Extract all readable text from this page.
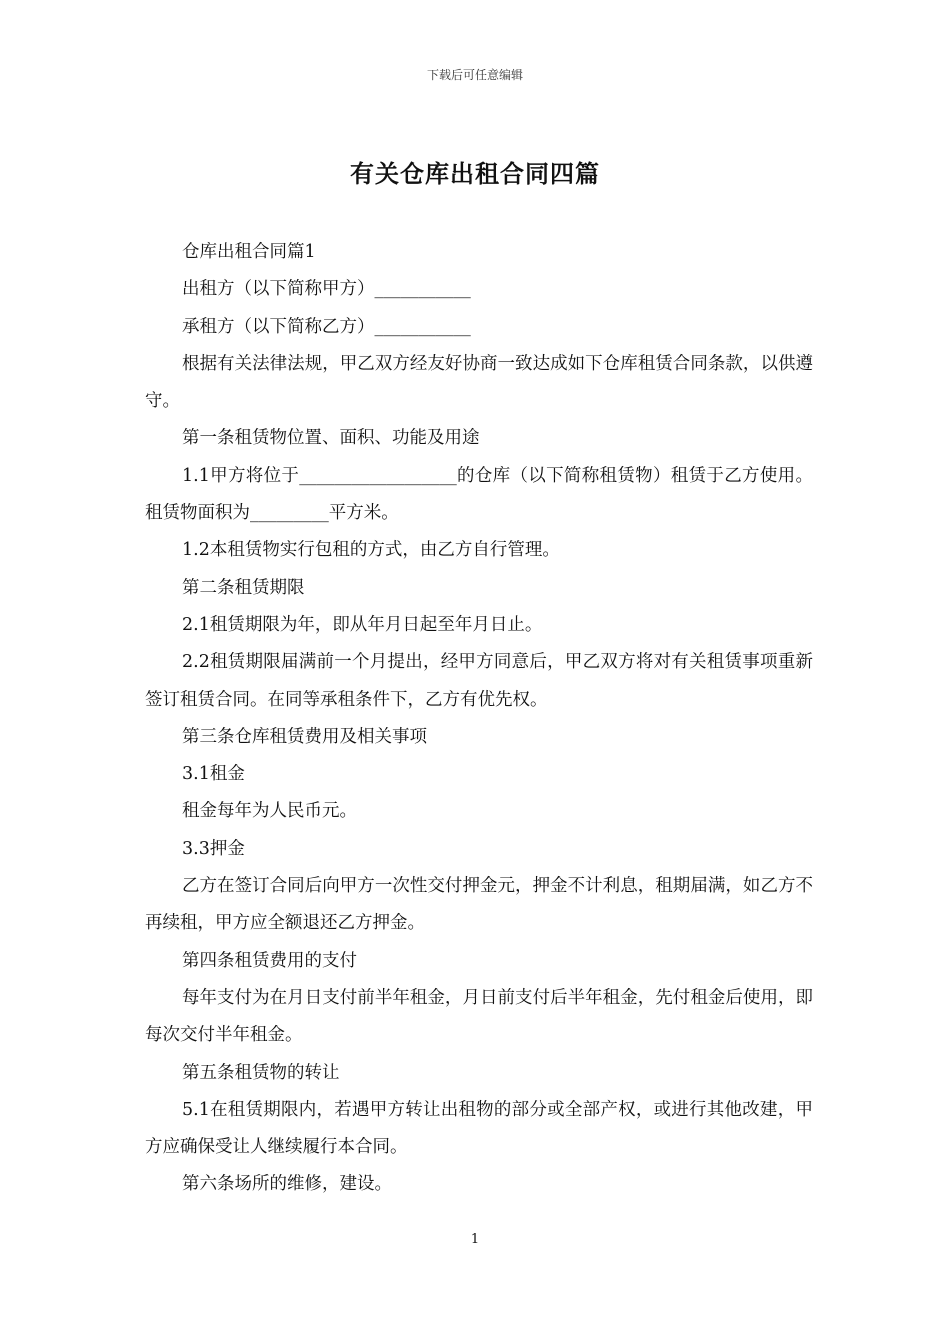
下载后可任意编辑
有关仓库出租合同四篇

仓库出租合同篇1

出租方（以下简称甲方）___________

承租方（以下简称乙方）___________

根据有关法律法规，甲乙双方经友好协商一致达成如下仓库租赁合同条款，以供遵守。

第一条租赁物位置、面积、功能及用途

1.1甲方将位于__________________的仓库（以下简称租赁物）租赁于乙方使用。租赁物面积为_________平方米。

1.2本租赁物实行包租的方式，由乙方自行管理。

第二条租赁期限

2.1租赁期限为年，即从年月日起至年月日止。

2.2租赁期限届满前一个月提出，经甲方同意后，甲乙双方将对有关租赁事项重新签订租赁合同。在同等承租条件下，乙方有优先权。

第三条仓库租赁费用及相关事项

3.1租金

租金每年为人民币元。

3.3押金

乙方在签订合同后向甲方一次性交付押金元，押金不计利息，租期届满，如乙方不再续租，甲方应全额退还乙方押金。

第四条租赁费用的支付

每年支付为在月日支付前半年租金，月日前支付后半年租金，先付租金后使用，即每次交付半年租金。

第五条租赁物的转让

5.1在租赁期限内，若遇甲方转让出租物的部分或全部产权，或进行其他改建，甲方应确保受让人继续履行本合同。

第六条场所的维修，建设。

1
